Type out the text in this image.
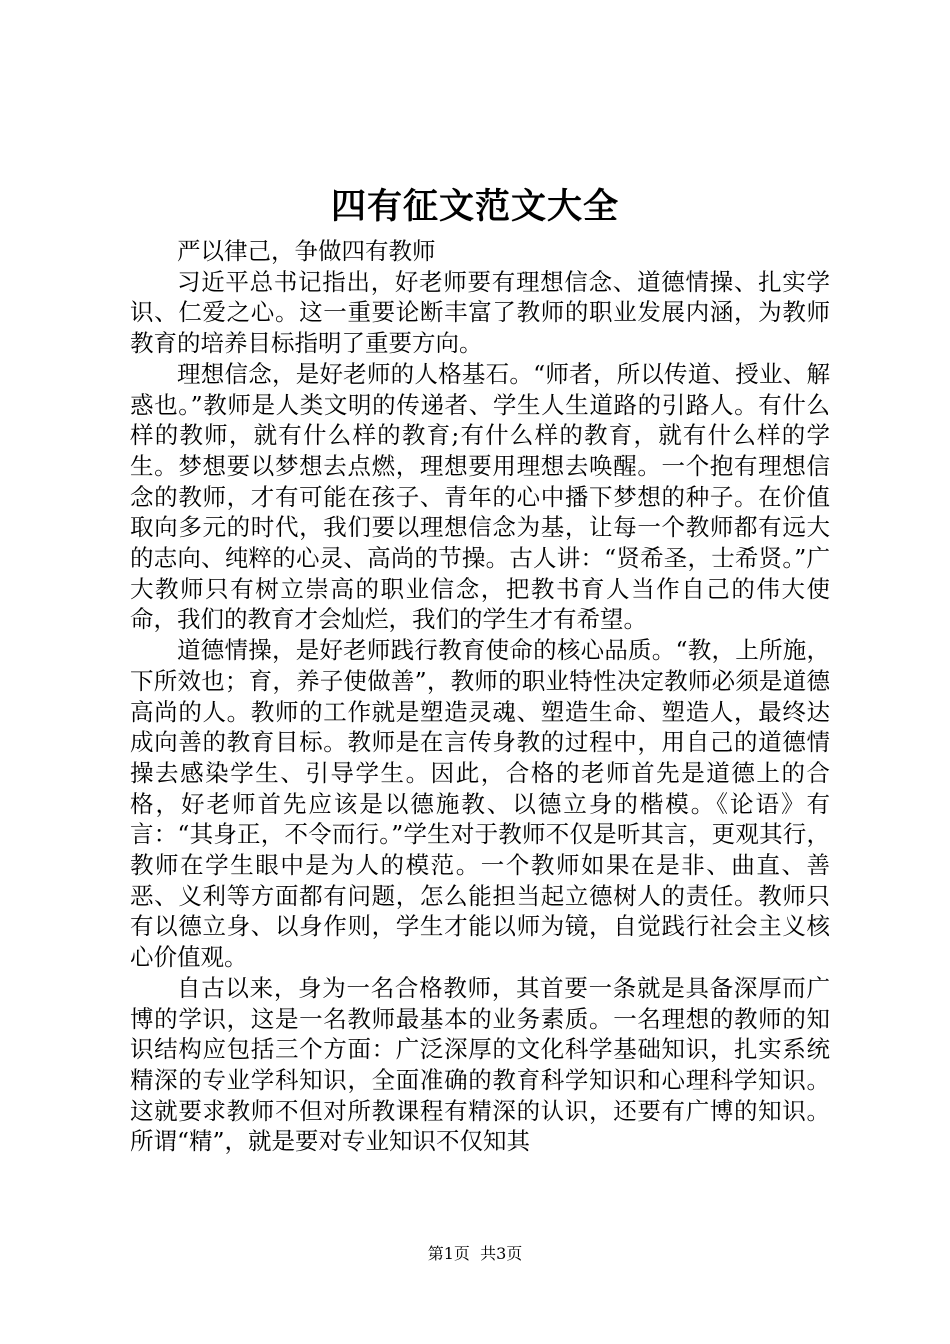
四有征文范文大全

严以律己，争做四有教师

习近平总书记指出，好老师要有理想信念、道德情操、扎实学识、仁爱之心。这一重要论断丰富了教师的职业发展内涵，为教师教育的培养目标指明了重要方向。

理想信念，是好老师的人格基石。“师者，所以传道、授业、解惑也。”教师是人类文明的传递者、学生人生道路的引路人。有什么样的教师，就有什么样的教育;有什么样的教育，就有什么样的学生。梦想要以梦想去点燃，理想要用理想去唤醒。一个抱有理想信念的教师，才有可能在孩子、青年的心中播下梦想的种子。在价值取向多元的时代，我们要以理想信念为基，让每一个教师都有远大的志向、纯粹的心灵、高尚的节操。古人讲：“贤希圣，士希贤。”广大教师只有树立崇高的职业信念，把教书育人当作自己的伟大使命，我们的教育才会灿烂，我们的学生才有希望。

道德情操，是好老师践行教育使命的核心品质。“教，上所施，下所效也；育，养子使做善”，教师的职业特性决定教师必须是道德高尚的人。教师的工作就是塑造灵魂、塑造生命、塑造人，最终达成向善的教育目标。教师是在言传身教的过程中，用自己的道德情操去感染学生、引导学生。因此，合格的老师首先是道德上的合格，好老师首先应该是以德施教、以德立身的楷模。《论语》有言：“其身正，不令而行。”学生对于教师不仅是听其言，更观其行，教师在学生眼中是为人的模范。一个教师如果在是非、曲直、善恶、义利等方面都有问题，怎么能担当起立德树人的责任。教师只有以德立身、以身作则，学生才能以师为镜，自觉践行社会主义核心价值观。

自古以来，身为一名合格教师，其首要一条就是具备深厚而广博的学识，这是一名教师最基本的业务素质。一名理想的教师的知识结构应包括三个方面：广泛深厚的文化科学基础知识，扎实系统精深的专业学科知识，全面准确的教育科学知识和心理科学知识。这就要求教师不但对所教课程有精深的认识，还要有广博的知识。所谓“精”，就是要对专业知识不仅知其

第1页  共3页
